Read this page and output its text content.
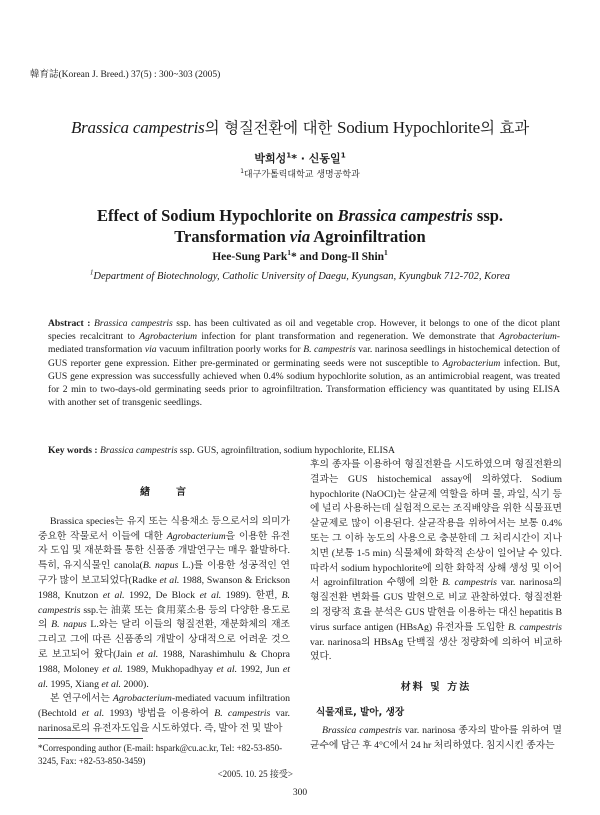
韓育誌(Korean J. Breed.) 37(5) : 300~303 (2005)
Brassica campestris의 형질전환에 대한 Sodium Hypochlorite의 효과
박희성$^1$* · 신동일$^1$
$^1$대구가톨릭대학교 생명공학과
Effect of Sodium Hypochlorite on Brassica campestris ssp.
Transformation via Agroinfiltration
Hee-Sung Park$^1$* and Dong-Il Shin$^1$
$^1$Department of Biotechnology, Catholic University of Daegu, Kyungsan, Kyungbuk 712-702, Korea
Abstract : Brassica campestris ssp. has been cultivated as oil and vegetable crop. However, it belongs to one of the dicot plant species recalcitrant to Agrobacterium infection for plant transformation and regeneration. We demonstrate that Agrobacterium-mediated transformation via vacuum infiltration poorly works for B. campestris var. narinosa seedlings in histochemical detection of GUS reporter gene expression. Either pre-germinated or germinating seeds were not susceptible to Agrobacterium infection. But, GUS gene expression was successfully achieved when 0.4% sodium hypochlorite solution, as an antimicrobial reagent, was treated for 2 min to two-days-old germinating seeds prior to agroinfiltration. Transformation efficiency was quantitated by using ELISA with another set of transgenic seedlings.
Key words : Brassica campestris ssp. GUS, agroinfiltration, sodium hypochlorite, ELISA
緖　　言

Brassica species는 유지 또는 식용채소 등으로서의 의미가 중요한 작물로서 이들에 대한 Agrobacterium을 이용한 유전자 도입 및 재분화를 통한 신품종 개발연구는 매우 활발하다. 특히, 유지식물인 canola(B. napus L.)를 이용한 성공적인 연구가 많이 보고되었다(Radke et al. 1988, Swanson & Erickson 1988, Knutzon et al. 1992, De Block et al. 1989). 한편, B. campestris ssp.는 油菜 또는 食用菜소용 등의 다양한 용도로의 B. napus L.와는 달리 이들의 형질전환, 재분화체의 재조 그리고 그에 따른 신품종의 개발이 상대적으로 어려운 것으로 보고되어 왔다(Jain et al. 1988, Narashimhulu & Chopra 1988, Moloney et al. 1989, Mukhopadhyay et al. 1992, Jun et al. 1995, Xiang et al. 2000).

본 연구에서는 Agrobacterium-mediated vacuum infiltration (Bechtold et al. 1993) 방법을 이용하여 B. campestris var. narinosa로의 유전자도입을 시도하였다. 즉, 발아 전 및 발아

후의 종자를 이용하여 형질전환을 시도하였으며 형질전환의 결과는 GUS histochemical assay에 의하였다. Sodium hypochlorite (NaOCl)는 살균제 역할을 하며 물, 과일, 식기 등에 널리 사용하는데 실험적으로는 조직배양을 위한 식물표면살균제로 많이 이용된다. 살균작용을 위하여서는 보통 0.4% 또는 그 이하 농도의 사용으로 충분한데 그 처리시간이 지나치면 (보통 1-5 min) 식물체에 화학적 손상이 일어날 수 있다. 따라서 sodium hypochlorite에 의한 화학적 상해 생성 및 이어서 agroinfiltration 수행에 의한 B. campestris var. narinosa의 형질전환 변화를 GUS 발현으로 비교 관찰하였다. 형질전환의 정량적 효율 분석은 GUS 발현을 이용하는 대신 hepatitis B virus surface antigen (HBsAg) 유전자를 도입한 B. campestris var. narinosa의 HBsAg 단백질 생산 정량화에 의하여 비교하였다.

材料 및 方法
식물재료, 발아, 생장

Brassica campestris var. narinosa 종자의 발아를 위하여 멸균수에 담근 후 4°C에서 24 hr 처리하였다. 침지시킨 종자는

*Corresponding author (E-mail: hspark@cu.ac.kr, Tel: +82-53-850-3245, Fax: +82-53-850-3459)
<2005. 10. 25 接受>
300
